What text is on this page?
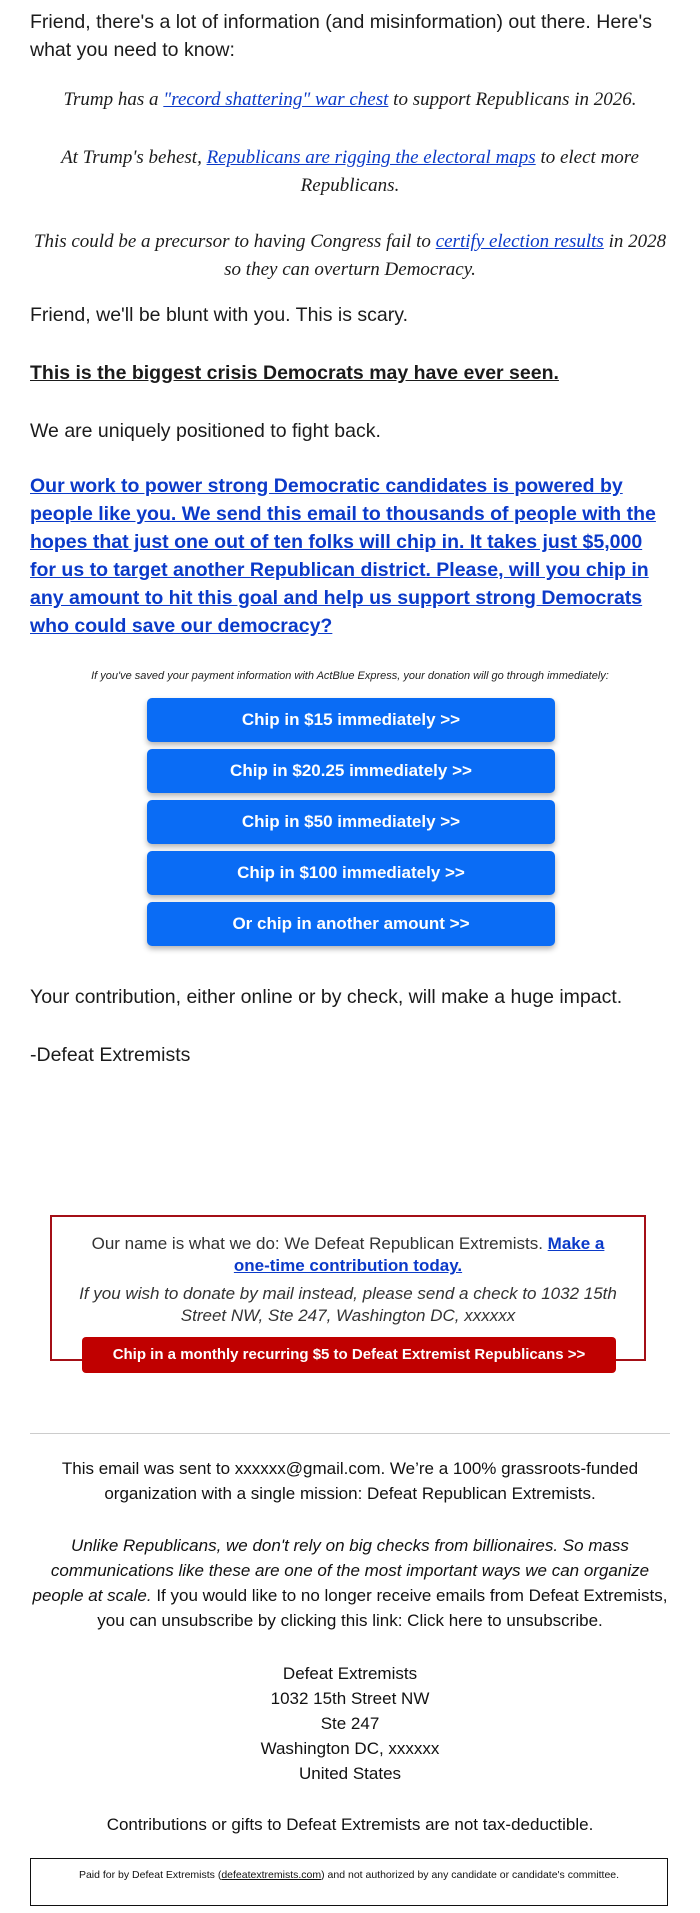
Friend, there's a lot of information (and misinformation) out there. Here's what you need to know:

Trump has a "record shattering" war chest to support Republicans in 2026.

At Trump's behest, Republicans are rigging the electoral maps to elect more Republicans.

This could be a precursor to having Congress fail to certify election results in 2028 so they can overturn Democracy.

Friend, we'll be blunt with you. This is scary.

This is the biggest crisis Democrats may have ever seen.

We are uniquely positioned to fight back.

Our work to power strong Democratic candidates is powered by people like you. We send this email to thousands of people with the hopes that just one out of ten folks will chip in. It takes just $5,000 for us to target another Republican district. Please, will you chip in any amount to hit this goal and help us support strong Democrats who could save our democracy?

If you've saved your payment information with ActBlue Express, your donation will go through immediately:

Chip in $15 immediately >>
Chip in $20.25 immediately >>
Chip in $50 immediately >>
Chip in $100 immediately >>
Or chip in another amount >>

Your contribution, either online or by check, will make a huge impact.

-Defeat Extremists

Our name is what we do: We Defeat Republican Extremists. Make a one-time contribution today.

If you wish to donate by mail instead, please send a check to 1032 15th Street NW, Ste 247, Washington DC, xxxxxx

Chip in a monthly recurring $5 to Defeat Extremist Republicans >>

This email was sent to xxxxxx@gmail.com. We’re a 100% grassroots-funded organization with a single mission: Defeat Republican Extremists.

Unlike Republicans, we don't rely on big checks from billionaires. So mass communications like these are one of the most important ways we can organize people at scale. If you would like to no longer receive emails from Defeat Extremists, you can unsubscribe by clicking this link: Click here to unsubscribe.

Defeat Extremists
1032 15th Street NW
Ste 247
Washington DC, xxxxxx
United States

Contributions or gifts to Defeat Extremists are not tax-deductible.

Paid for by Defeat Extremists (defeatextremists.com) and not authorized by any candidate or candidate's committee.
